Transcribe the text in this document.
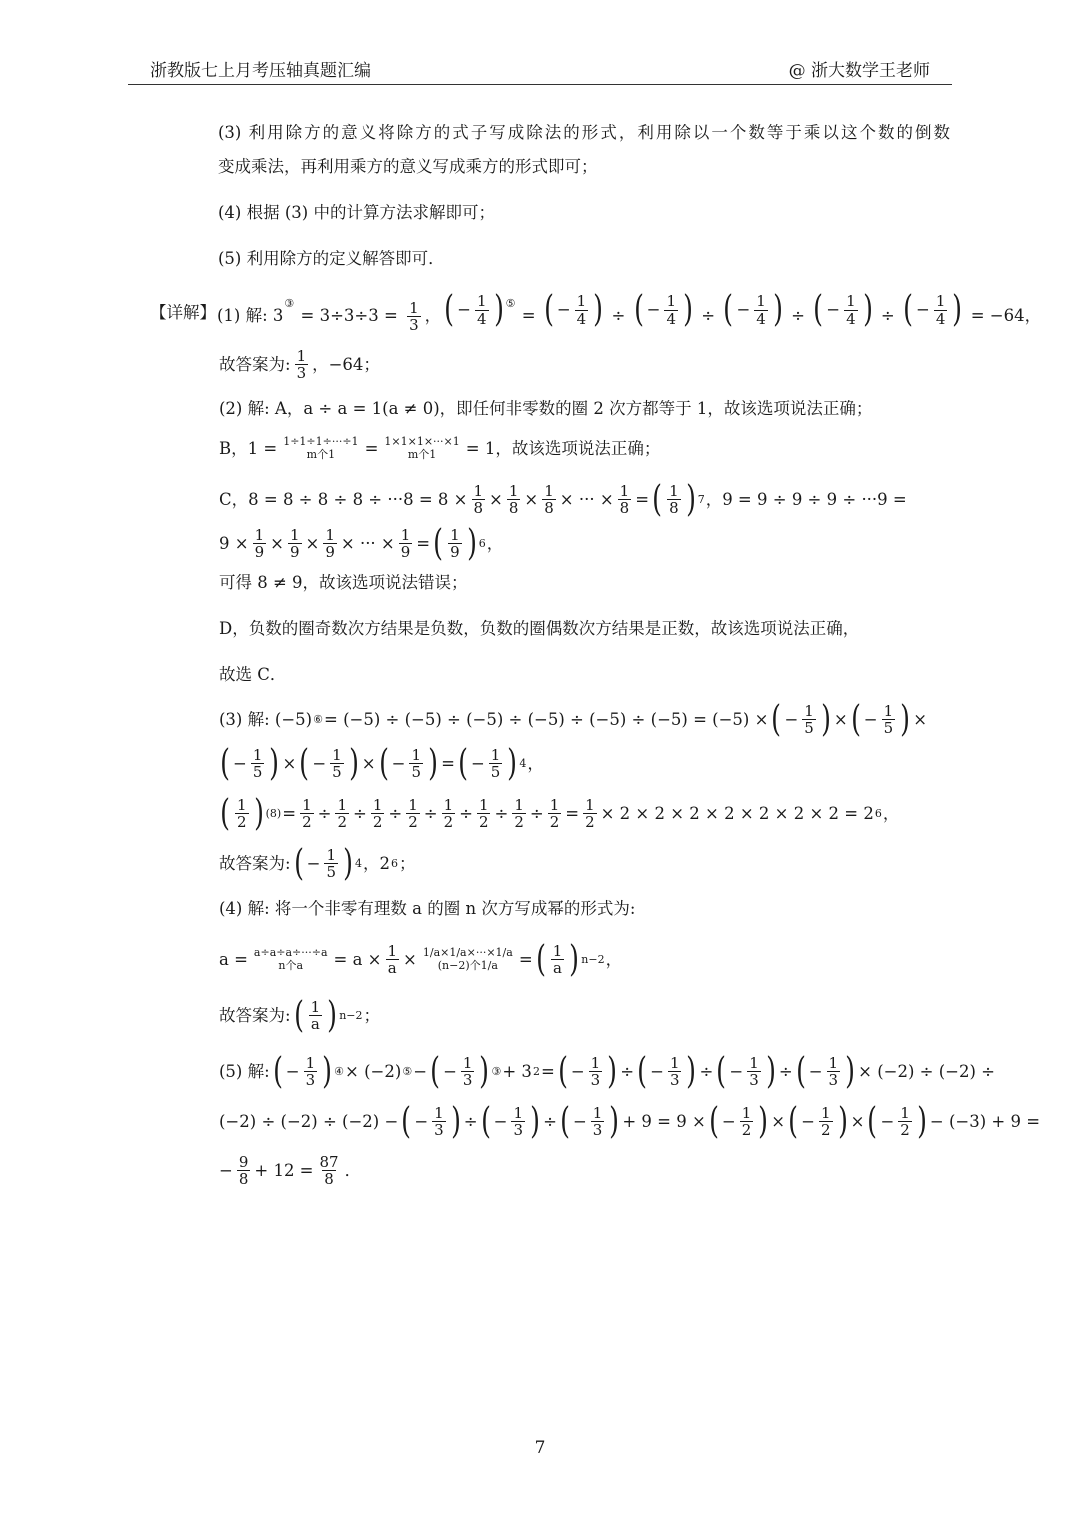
浙教版七上月考压轴真题汇编	@ 浙大数学王老师
(3) 利用除方的意义将除方的式子写成除法的形式，利用除以一个数等于乘以这个数的倒数
变成乘法，再利用乘方的意义写成乘方的形式即可；
(4) 根据 (3) 中的计算方法求解即可；
(5) 利用除方的定义解答即可．
【详解】 (1) 解: $3^③ = 3\div 3\div 3 = \frac{1}{3}$ ， ( − $\frac{1}{4}$ ) ⑤ = ( − $\frac{1}{4}$ ) ÷ ( − $\frac{1}{4}$ ) ÷ ( − $\frac{1}{4}$ ) ÷ ( − $\frac{1}{4}$ ) ÷ ( − $\frac{1}{4}$ ) = −64，
故答案为: $\frac{1}{3}$ ，−64；
(2) 解: A，a ÷ a = 1(a ≠ 0)，即任何非零数的圈 2 次方都等于 1，故该选项说法正确；
B，1 = 1÷1÷1÷···÷1
m个1 = 1×1×1×···×1
m个1 = 1，故该选项说法正确；
C，$8 = 8 \div 8 \div 8 \div \cdot\cdot\cdot 8 = 8 \times \frac{1}{8} \times \frac{1}{8} \times \frac{1}{8}$ × ··· × $\frac{1}{8}$ = ( $\frac{1}{8}$ ) 7 ，9 = 9 ÷ 9 ÷ 9 ÷ ···9 =
$9 \times \frac{1}{9} \times \frac{1}{9} \times \frac{1}{9}$ × ··· × $\frac{1}{9}$ = ( $\frac{1}{9}$ ) 6 ，
可得 8 ≠ 9，故该选项说法错误；
D，负数的圈奇数次方结果是负数，负数的圈偶数次方结果是正数，故该选项说法正确，
故选 C．
(3) 解: (−5) ⑥ = (−5) ÷ (−5) ÷ (−5) ÷ (−5) ÷ (−5) ÷ (−5) = (−5) × ( − $\frac{1}{5}$ ) × ( − $\frac{1}{5}$ ) ×
( − $\frac{1}{5}$ ) × ( − $\frac{1}{5}$ ) × ( − $\frac{1}{5}$ ) = ( − $\frac{1}{5}$ ) 4 ，
( $\frac{1}{2}$ ) $(8) = \frac{1}{2} \div \frac{1}{2} \div \frac{1}{2} \div \frac{1}{2} \div \frac{1}{2} \div \frac{1}{2} \div \frac{1}{2} \div \frac{1}{2} = \frac{1}{2} \times 2 \times 2 \times 2 \times 2 \times 2 \times 2 \times 2 = 2$ 6 ，
故答案为: ( − $\frac{1}{5}$ ) 4 ，2 6 ；
(4) 解: 将一个非零有理数 a 的圈 n 次方写成幂的形式为:
a = a÷a÷a÷···÷a
n个$a = a \times \frac{1}{a} \times 1/a\times 1/a\times\cdot\cdot\cdot\times 1/a$
(n−2)个1/a = ( $\frac{1}{a}$ ) n−2 ，
故答案为: ( $\frac{1}{a}$ ) n−2 ；
(5) 解: ( − $\frac{1}{3}$ ) ④ × (−2) ⑤ − ( − $\frac{1}{3}$ ) ③ + 3 2 = ( − $\frac{1}{3}$ ) ÷ ( − $\frac{1}{3}$ ) ÷ ( − $\frac{1}{3}$ ) ÷ ( − $\frac{1}{3}$ ) × (−2) ÷ (−2) ÷
(−2) ÷ (−2) ÷ (−2) − ( − $\frac{1}{3}$ ) ÷ ( − $\frac{1}{3}$ ) ÷ ( − $\frac{1}{3}$ ) + 9 = 9 × ( − $\frac{1}{2}$ ) × ( − $\frac{1}{2}$ ) × ( − $\frac{1}{2}$ ) − (−3) + 9 =
− $\frac{9}{8} + 12 = \frac{87}{8}$ ．
7
